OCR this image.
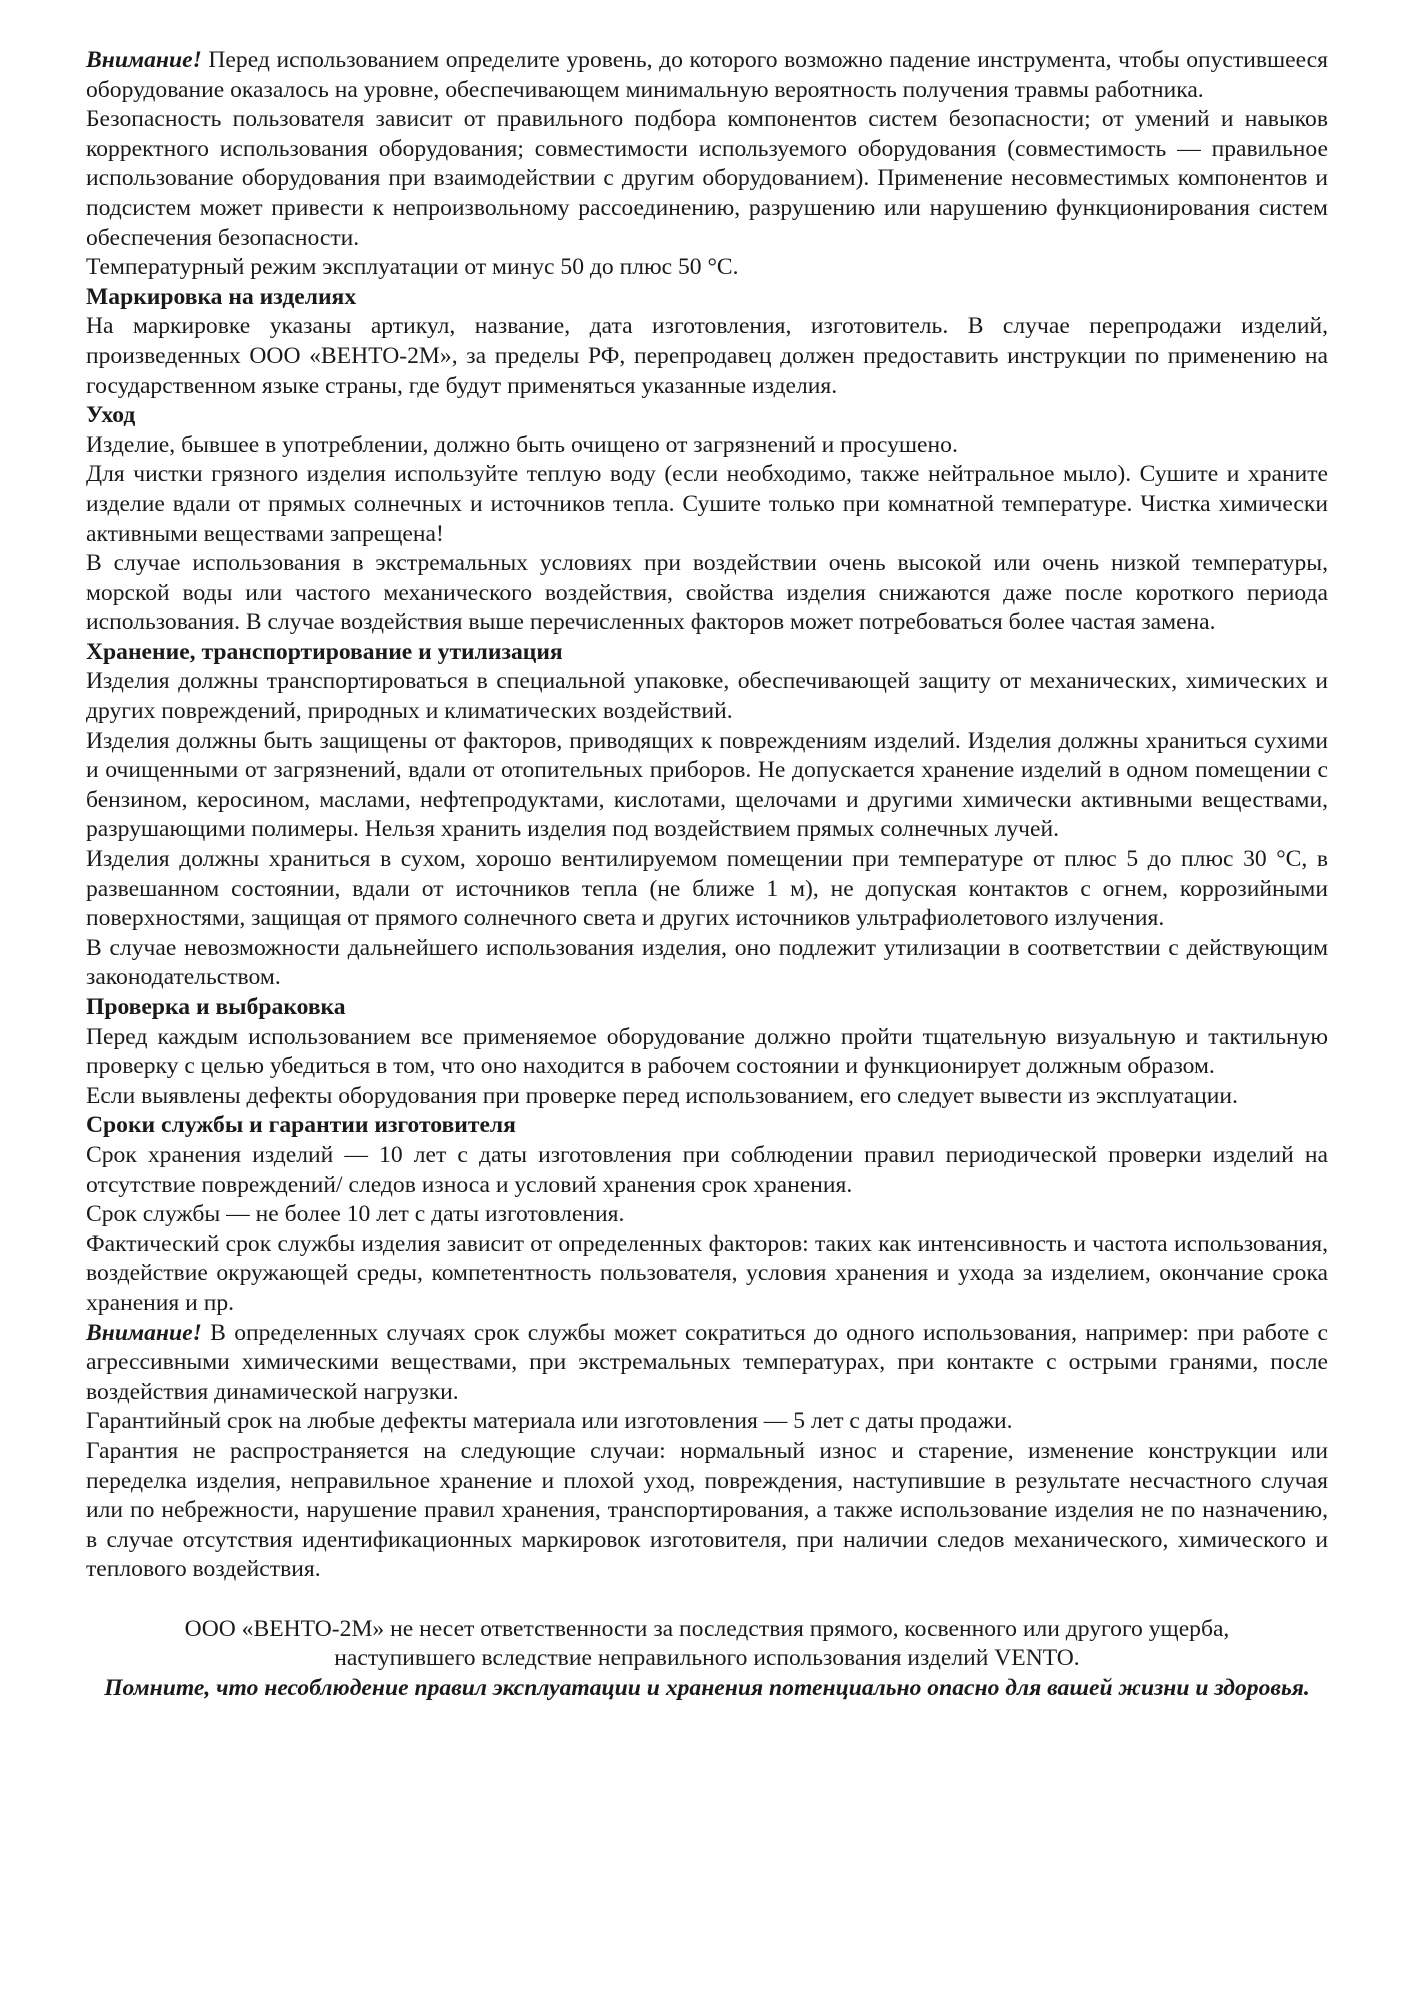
Внимание! Перед использованием определите уровень, до которого возможно падение инструмента, чтобы опустившееся оборудование оказалось на уровне, обеспечивающем минимальную вероятность получения травмы работника.

Безопасность пользователя зависит от правильного подбора компонентов систем безопасности; от умений и навыков корректного использования оборудования; совместимости используемого оборудования (совместимость — правильное использование оборудования при взаимодействии с другим оборудованием). Применение несовместимых компонентов и подсистем может привести к непроизвольному рассоединению, разрушению или нарушению функционирования систем обеспечения безопасности.

Температурный режим эксплуатации от минус 50 до плюс 50 °С.

Маркировка на изделиях

На маркировке указаны артикул, название, дата изготовления, изготовитель. В случае перепродажи изделий, произведенных ООО «ВЕНТО-2М», за пределы РФ, перепродавец должен предоставить инструкции по применению на государственном языке страны, где будут применяться указанные изделия.

Уход

Изделие, бывшее в употреблении, должно быть очищено от загрязнений и просушено.

Для чистки грязного изделия используйте теплую воду (если необходимо, также нейтральное мыло). Сушите и храните изделие вдали от прямых солнечных и источников тепла. Сушите только при комнатной температуре. Чистка химически активными веществами запрещена!

В случае использования в экстремальных условиях при воздействии очень высокой или очень низкой температуры, морской воды или частого механического воздействия, свойства изделия снижаются даже после короткого периода использования. В случае воздействия выше перечисленных факторов может потребоваться более частая замена.

Хранение, транспортирование и утилизация

Изделия должны транспортироваться в специальной упаковке, обеспечивающей защиту от механических, химических и других повреждений, природных и климатических воздействий.

Изделия должны быть защищены от факторов, приводящих к повреждениям изделий. Изделия должны храниться сухими и очищенными от загрязнений, вдали от отопительных приборов. Не допускается хранение изделий в одном помещении с бензином, керосином, маслами, нефтепродуктами, кислотами, щелочами и другими химически активными веществами, разрушающими полимеры. Нельзя хранить изделия под воздействием прямых солнечных лучей.

Изделия должны храниться в сухом, хорошо вентилируемом помещении при температуре от плюс 5 до плюс 30 °С, в развешанном состоянии, вдали от источников тепла (не ближе 1 м), не допуская контактов с огнем, коррозийными поверхностями, защищая от прямого солнечного света и других источников ультрафиолетового излучения.

В случае невозможности дальнейшего использования изделия, оно подлежит утилизации в соответствии с действующим законодательством.

Проверка и выбраковка

Перед каждым использованием все применяемое оборудование должно пройти тщательную визуальную и тактильную проверку с целью убедиться в том, что оно находится в рабочем состоянии и функционирует должным образом.

Если выявлены дефекты оборудования при проверке перед использованием, его следует вывести из эксплуатации.

Сроки службы и гарантии изготовителя

Срок хранения изделий — 10 лет с даты изготовления при соблюдении правил периодической проверки изделий на отсутствие повреждений/ следов износа и условий хранения срок хранения.

Срок службы — не более 10 лет с даты изготовления.

Фактический срок службы изделия зависит от определенных факторов: таких как интенсивность и частота использования, воздействие окружающей среды, компетентность пользователя, условия хранения и ухода за изделием, окончание срока хранения и пр.

Внимание! В определенных случаях срок службы может сократиться до одного использования, например: при работе с агрессивными химическими веществами, при экстремальных температурах, при контакте с острыми гранями, после воздействия динамической нагрузки.

Гарантийный срок на любые дефекты материала или изготовления — 5 лет с даты продажи.

Гарантия не распространяется на следующие случаи: нормальный износ и старение, изменение конструкции или переделка изделия, неправильное хранение и плохой уход, повреждения, наступившие в результате несчастного случая или по небрежности, нарушение правил хранения, транспортирования, а также использование изделия не по назначению, в случае отсутствия идентификационных маркировок изготовителя, при наличии следов механического, химического и теплового воздействия.

ООО «ВЕНТО-2М» не несет ответственности за последствия прямого, косвенного или другого ущерба,

наступившего вследствие неправильного использования изделий VENTO.

Помните, что несоблюдение правил эксплуатации и хранения потенциально опасно для вашей жизни и здоровья.
